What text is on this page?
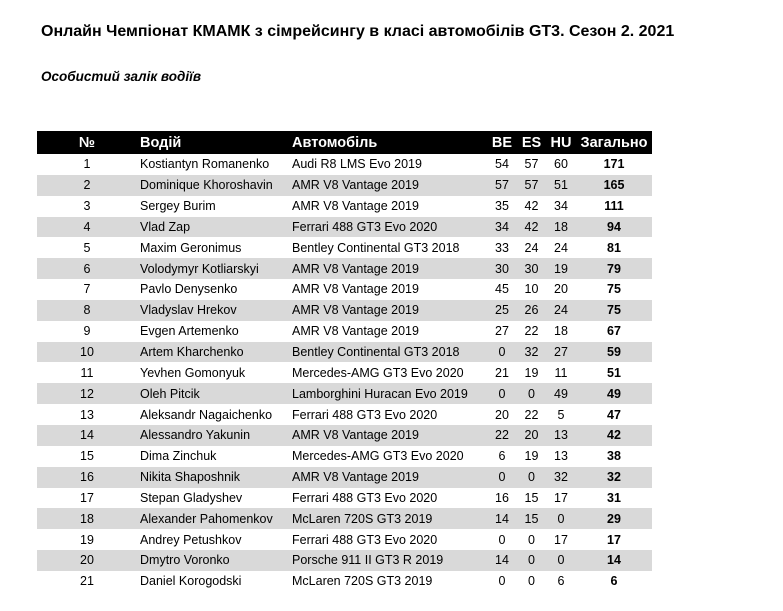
Онлайн Чемпіонат КМАМК з сімрейсингу в класі автомобілів GT3. Сезон 2. 2021
Особистий залік водіїв
№	Водій	Автомобіль	BE	ES	HU	Загально
1	Kostiantyn Romanenko	Audi R8 LMS Evo 2019	54	57	60	171
2	Dominique Khoroshavin	AMR V8 Vantage 2019	57	57	51	165
3	Sergey Burim	AMR V8 Vantage 2019	35	42	34	111
4	Vlad Zap	Ferrari 488 GT3 Evo 2020	34	42	18	94
5	Maxim Geronimus	Bentley Continental GT3 2018	33	24	24	81
6	Volodymyr Kotliarskyi	AMR V8 Vantage 2019	30	30	19	79
7	Pavlo Denysenko	AMR V8 Vantage 2019	45	10	20	75
8	Vladyslav Hrekov	AMR V8 Vantage 2019	25	26	24	75
9	Evgen Artemenko	AMR V8 Vantage 2019	27	22	18	67
10	Artem Kharchenko	Bentley Continental GT3 2018	0	32	27	59
11	Yevhen Gomonyuk	Mercedes-AMG GT3 Evo 2020	21	19	11	51
12	Oleh Pitcik	Lamborghini Huracan Evo 2019	0	0	49	49
13	Aleksandr Nagaichenko	Ferrari 488 GT3 Evo 2020	20	22	5	47
14	Alessandro Yakunin	AMR V8 Vantage 2019	22	20	13	42
15	Dima Zinchuk	Mercedes-AMG GT3 Evo 2020	6	19	13	38
16	Nikita Shaposhnik	AMR V8 Vantage 2019	0	0	32	32
17	Stepan Gladyshev	Ferrari 488 GT3 Evo 2020	16	15	17	31
18	Alexander Pahomenkov	McLaren 720S GT3 2019	14	15	0	29
19	Andrey Petushkov	Ferrari 488 GT3 Evo 2020	0	0	17	17
20	Dmytro Voronko	Porsche 911 II GT3 R 2019	14	0	0	14
21	Daniel Korogodski	McLaren 720S GT3 2019	0	0	6	6
